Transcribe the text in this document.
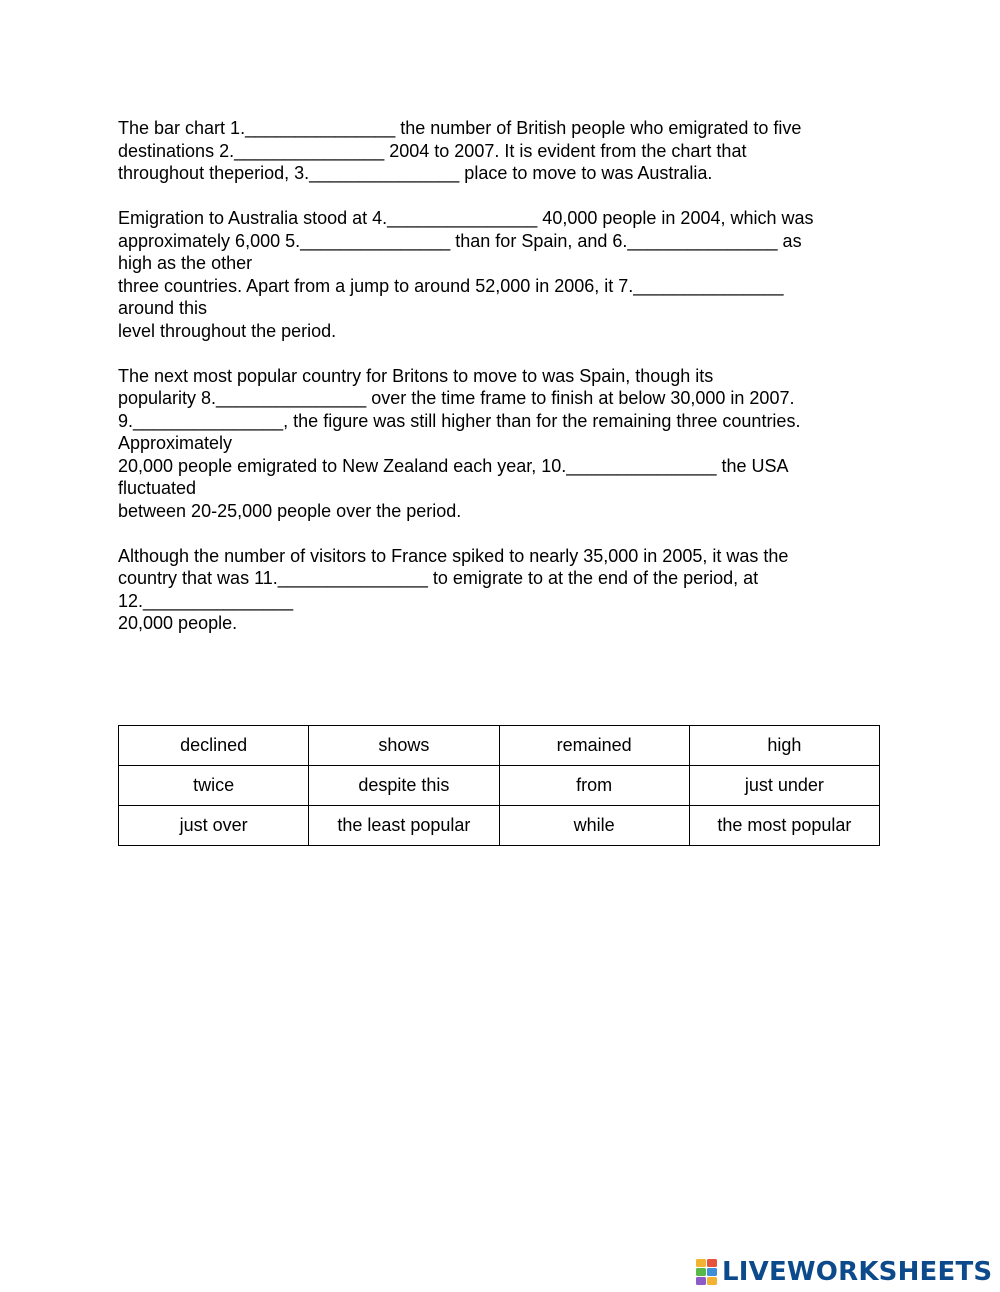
The bar chart 1._______________ the number of British people who emigrated to five
destinations 2._______________ 2004 to 2007. It is evident from the chart that
throughout theperiod, 3._______________ place to move to was Australia.
Emigration to Australia stood at 4._______________ 40,000 people in 2004, which was
approximately 6,000 5._______________ than for Spain, and 6._______________ as
high as the other
three countries. Apart from a jump to around 52,000 in 2006, it 7._______________
around this
level throughout the period.
The next most popular country for Britons to move to was Spain, though its
popularity 8._______________ over the time frame to finish at below 30,000 in 2007.
9._______________, the figure was still higher than for the remaining three countries.
Approximately
20,000 people emigrated to New Zealand each year, 10._______________ the USA
fluctuated
between 20-25,000 people over the period.
Although the number of visitors to France spiked to nearly 35,000 in 2005, it was the
country that was 11._______________ to emigrate to at the end of the period, at
12._______________
20,000 people.
declined	shows	remained	high
twice	despite this	from	just under
just over	the least popular	while	the most popular
LIVEWORKSHEETS
